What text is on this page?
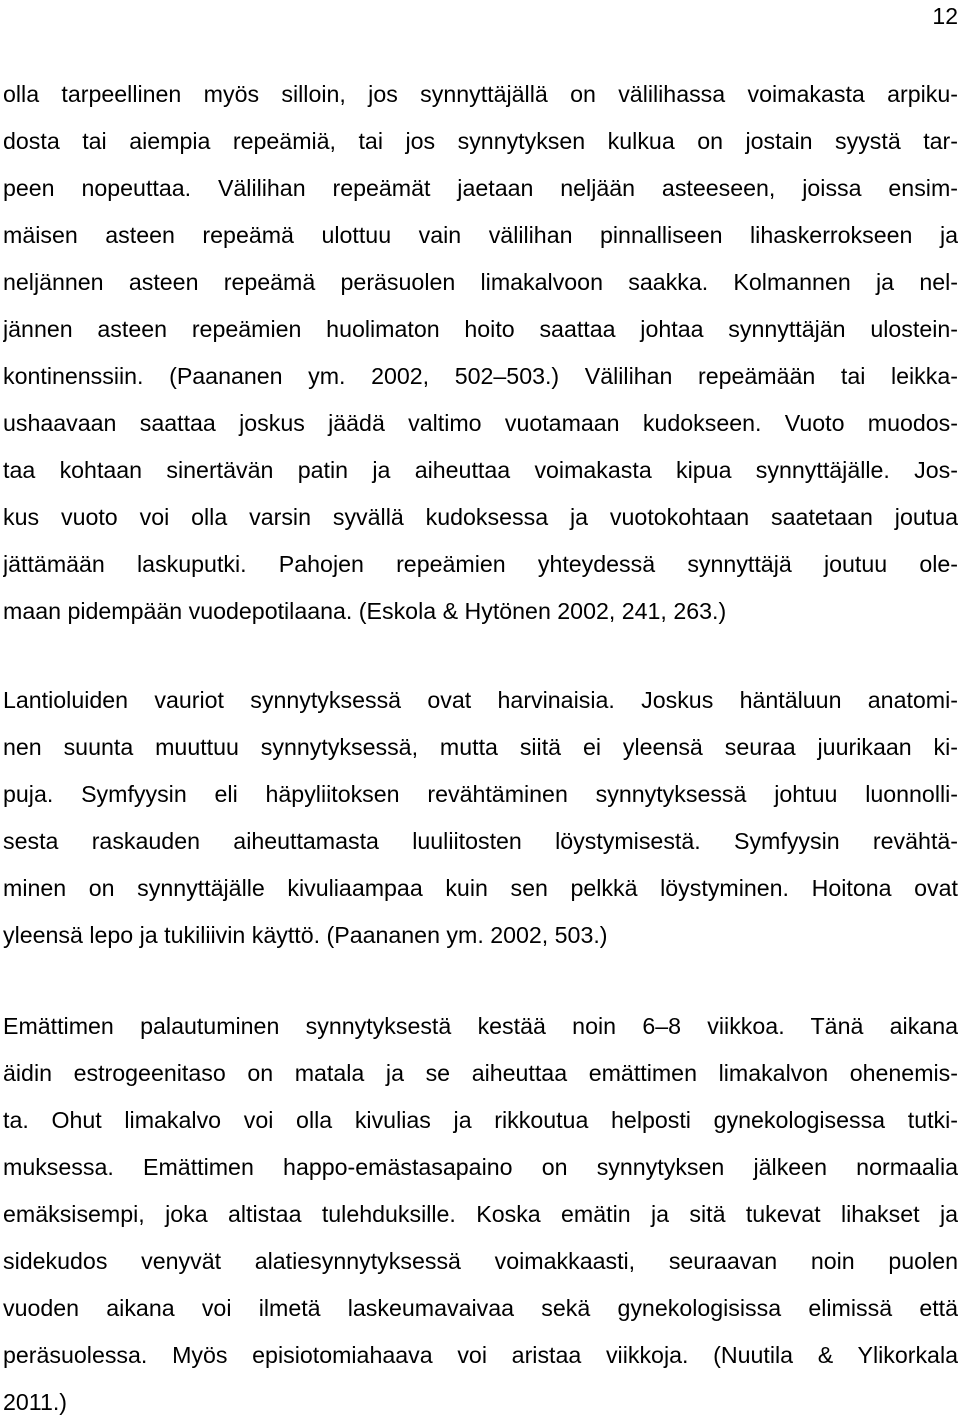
12
olla tarpeellinen myös silloin, jos synnyttäjällä on välilihassa voimakasta arpiku-
dosta tai aiempia repeämiä, tai jos synnytyksen kulkua on jostain syystä tar-
peen nopeuttaa. Välilihan repeämät jaetaan neljään asteeseen, joissa ensim-
mäisen asteen repeämä ulottuu vain välilihan pinnalliseen lihaskerrokseen ja
neljännen asteen repeämä peräsuolen limakalvoon saakka. Kolmannen ja nel-
jännen asteen repeämien huolimaton hoito saattaa johtaa synnyttäjän ulostein-
kontinenssiin. (Paananen ym. 2002, 502–503.) Välilihan repeämään tai leikka-
ushaavaan saattaa joskus jäädä valtimo vuotamaan kudokseen. Vuoto muodos-
taa kohtaan sinertävän patin ja aiheuttaa voimakasta kipua synnyttäjälle. Jos-
kus vuoto voi olla varsin syvällä kudoksessa ja vuotokohtaan saatetaan joutua
jättämään laskuputki. Pahojen repeämien yhteydessä synnyttäjä joutuu ole-
maan pidempään vuodepotilaana. (Eskola & Hytönen 2002, 241, 263.)
Lantioluiden vauriot synnytyksessä ovat harvinaisia. Joskus häntäluun anatomi-
nen suunta muuttuu synnytyksessä, mutta siitä ei yleensä seuraa juurikaan ki-
puja. Symfyysin eli häpyliitoksen revähtäminen synnytyksessä johtuu luonnolli-
sesta raskauden aiheuttamasta luuliitosten löystymisestä. Symfyysin revähtä-
minen on synnyttäjälle kivuliaampaa kuin sen pelkkä löystyminen. Hoitona ovat
yleensä lepo ja tukiliivin käyttö. (Paananen ym. 2002, 503.)
Emättimen palautuminen synnytyksestä kestää noin 6–8 viikkoa. Tänä aikana
äidin estrogeenitaso on matala ja se aiheuttaa emättimen limakalvon ohenemis-
ta. Ohut limakalvo voi olla kivulias ja rikkoutua helposti gynekologisessa tutki-
muksessa. Emättimen happo-emästasapaino on synnytyksen jälkeen normaalia
emäksisempi, joka altistaa tulehduksille. Koska emätin ja sitä tukevat lihakset ja
sidekudos venyvät alatiesynnytyksessä voimakkaasti, seuraavan noin puolen
vuoden aikana voi ilmetä laskeumavaivaa sekä gynekologisissa elimissä että
peräsuolessa. Myös episiotomiahaava voi aristaa viikkoja. (Nuutila & Ylikorkala
2011.)
